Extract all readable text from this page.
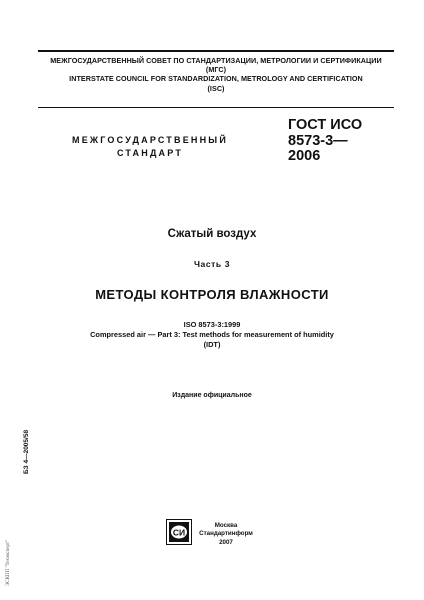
МЕЖГОСУДАРСТВЕННЫЙ СОВЕТ ПО СТАНДАРТИЗАЦИИ, МЕТРОЛОГИИ И СЕРТИФИКАЦИИ
(МГС)
INTERSTATE COUNCIL FOR STANDARDIZATION, METROLOGY AND CERTIFICATION
(ISC)
МЕЖГОСУДАРСТВЕННЫЙ
СТАНДАРТ
ГОСТ ИСО
8573-3—
2006
Сжатый воздух
Часть 3
МЕТОДЫ КОНТРОЛЯ ВЛАЖНОСТИ
ISO 8573-3:1999
Compressed air — Part 3: Test methods for measurement of humidity
(IDT)
Издание официальное
БЗ 4—2005/58
ЭСКПП "Техэксперт"
СИ
Москва
Стандартинформ
2007
